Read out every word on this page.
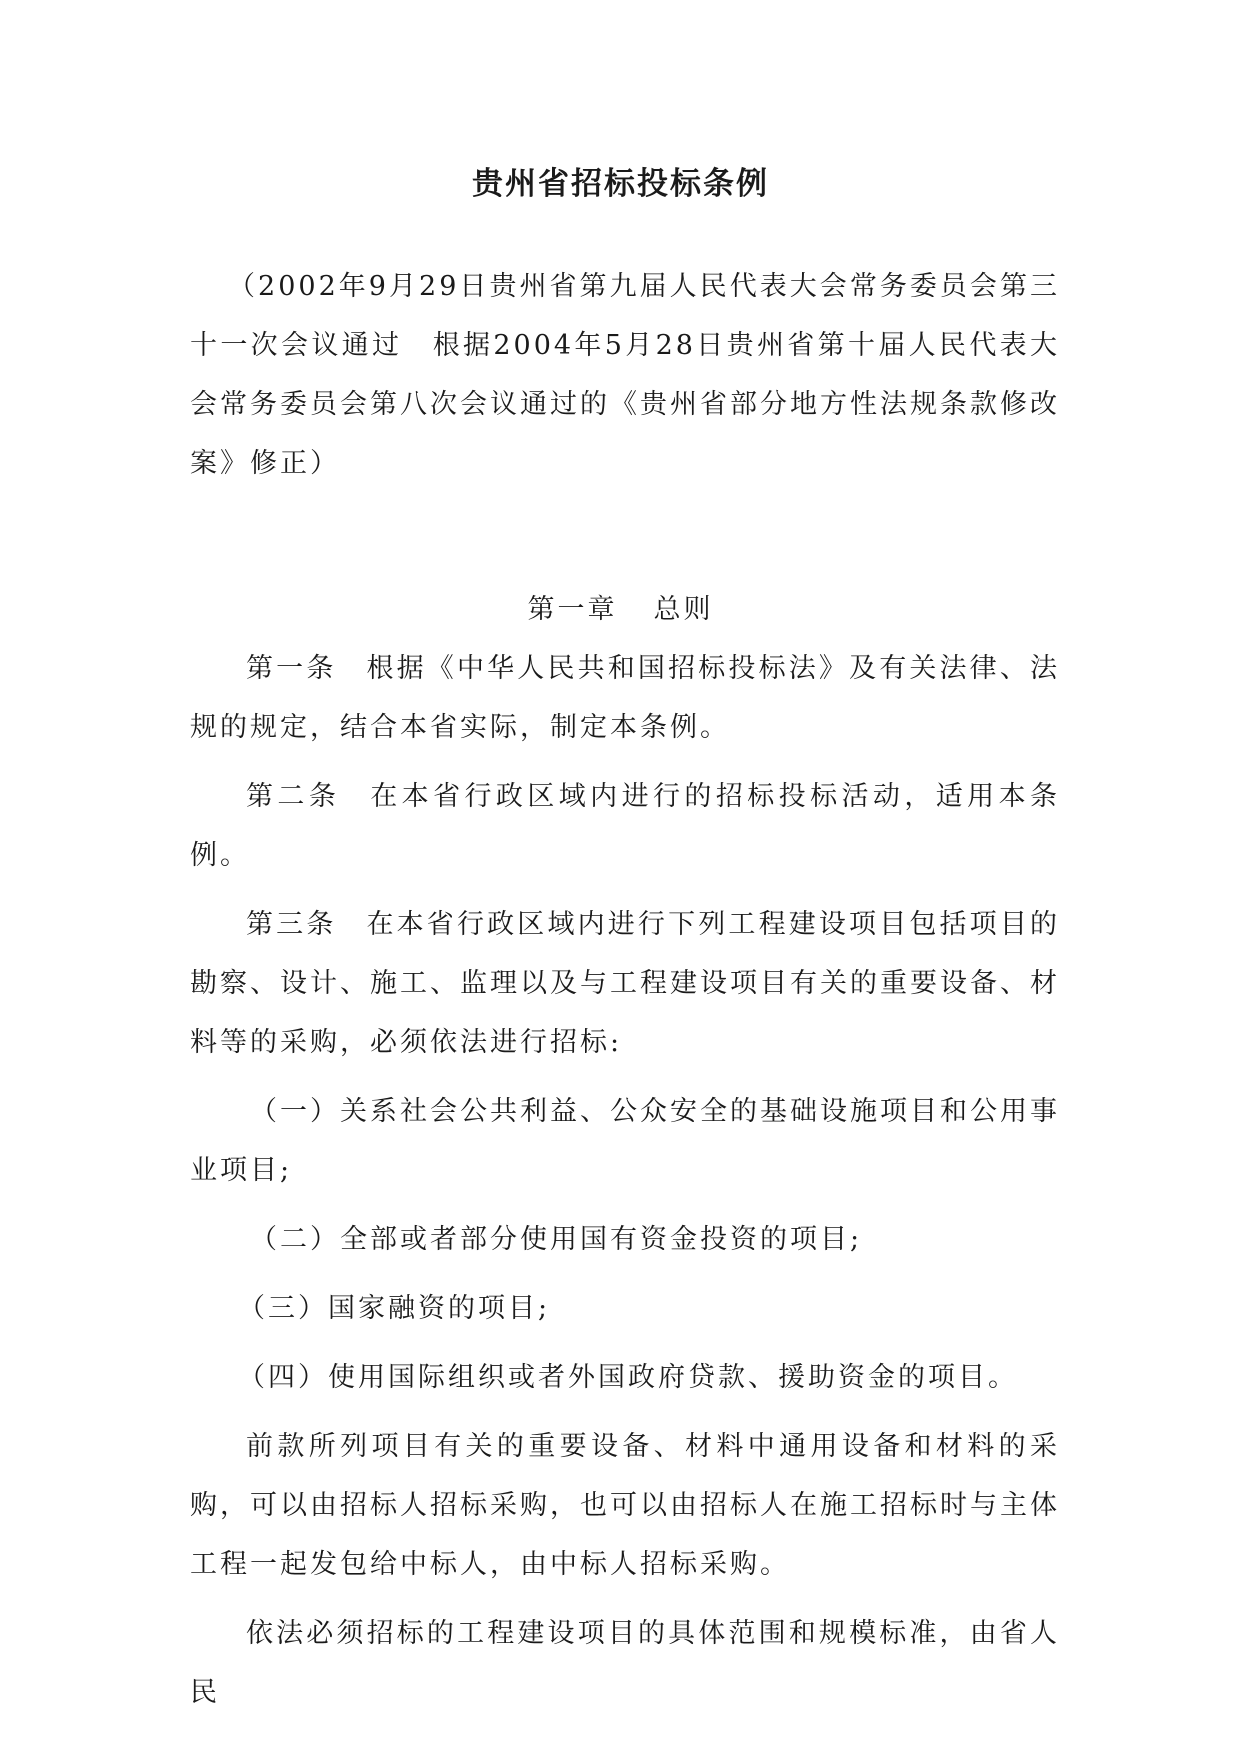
贵州省招标投标条例
（2002年9月29日贵州省第九届人民代表大会常务委员会第三十一次会议通过　根据2004年5月28日贵州省第十届人民代表大会常务委员会第八次会议通过的《贵州省部分地方性法规条款修改案》修正）
第一章 总则

第一条 根据《中华人民共和国招标投标法》及有关法律、法规的规定，结合本省实际，制定本条例。

第二条 在本省行政区域内进行的招标投标活动，适用本条例。

第三条 在本省行政区域内进行下列工程建设项目包括项目的勘察、设计、施工、监理以及与工程建设项目有关的重要设备、材料等的采购，必须依法进行招标:

（一）关系社会公共利益、公众安全的基础设施项目和公用事业项目;

（二）全部或者部分使用国有资金投资的项目;

（三）国家融资的项目;

（四）使用国际组织或者外国政府贷款、援助资金的项目。

前款所列项目有关的重要设备、材料中通用设备和材料的采购，可以由招标人招标采购，也可以由招标人在施工招标时与主体工程一起发包给中标人，由中标人招标采购。

依法必须招标的工程建设项目的具体范围和规模标准，由省人民
